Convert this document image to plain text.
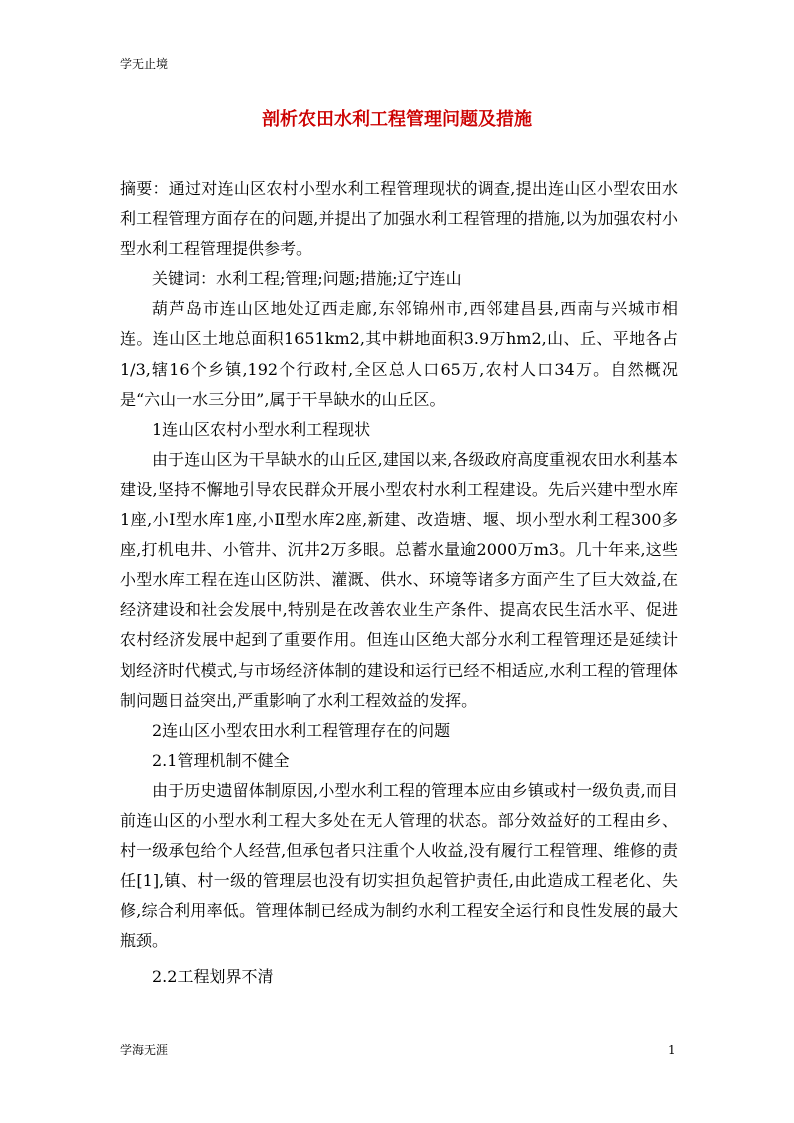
学无止境
剖析农田水利工程管理问题及措施

摘要：通过对连山区农村小型水利工程管理现状的调查,提出连山区小型农田水利工程管理方面存在的问题,并提出了加强水利工程管理的措施,以为加强农村小型水利工程管理提供参考。

关键词：水利工程;管理;问题;措施;辽宁连山

葫芦岛市连山区地处辽西走廊,东邻锦州市,西邻建昌县,西南与兴城市相连。连山区土地总面积1651km2,其中耕地面积3.9万hm2,山、丘、平地各占1/3,辖16个乡镇,192个行政村,全区总人口65万,农村人口34万。自然概况是“六山一水三分田”,属于干旱缺水的山丘区。

1连山区农村小型水利工程现状

由于连山区为干旱缺水的山丘区,建国以来,各级政府高度重视农田水利基本建设,坚持不懈地引导农民群众开展小型农村水利工程建设。先后兴建中型水库1座,小Ⅰ型水库1座,小Ⅱ型水库2座,新建、改造塘、堰、坝小型水利工程300多座,打机电井、小管井、沉井2万多眼。总蓄水量逾2000万m3。几十年来,这些小型水库工程在连山区防洪、灌溉、供水、环境等诸多方面产生了巨大效益,在经济建设和社会发展中,特别是在改善农业生产条件、提高农民生活水平、促进农村经济发展中起到了重要作用。但连山区绝大部分水利工程管理还是延续计划经济时代模式,与市场经济体制的建设和运行已经不相适应,水利工程的管理体制问题日益突出,严重影响了水利工程效益的发挥。

2连山区小型农田水利工程管理存在的问题

2.1管理机制不健全

由于历史遗留体制原因,小型水利工程的管理本应由乡镇或村一级负责,而目前连山区的小型水利工程大多处在无人管理的状态。部分效益好的工程由乡、村一级承包给个人经营,但承包者只注重个人收益,没有履行工程管理、维修的责任[1],镇、村一级的管理层也没有切实担负起管护责任,由此造成工程老化、失修,综合利用率低。管理体制已经成为制约水利工程安全运行和良性发展的最大瓶颈。

2.2工程划界不清

学海无涯	1
